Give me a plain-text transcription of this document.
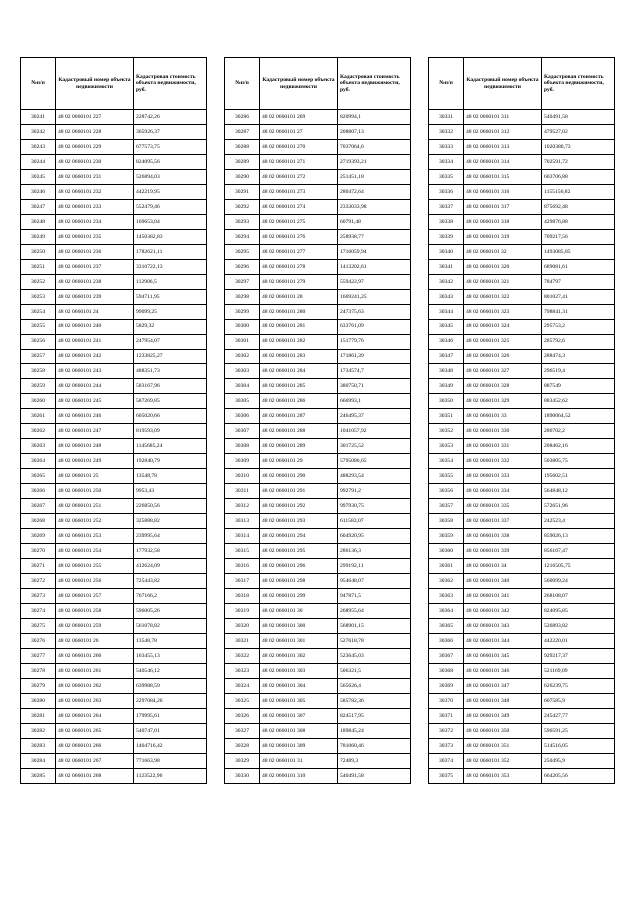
№п/п	Кадастровый номер объекта недвижимости	Кадастровая стоимость объекта недвижимости, руб.
30241	48 02 0660101 227	228742,26
30242	48 02 0660101 228	365926,37
30243	48 02 0660101 229	677573,75
30244	48 02 0660101 230	824095,56
30245	48 02 0660101 231	526894,03
30246	48 02 0660101 232	442219,95
30247	48 02 0660101 233	552479,46
30248	48 02 0660101 234	169653,04
30249	48 02 0660101 235	1450382,83
30250	48 02 0660101 236	1782621,11
30251	48 02 0660101 237	3310722,13
30252	48 02 0660101 238	112906,5
30253	48 02 0660101 239	594711,95
30254	48 02 0660101 24	99099,25
30255	48 02 0660101 240	5829,32
30256	48 02 0660101 241	247954,07
30257	48 02 0660101 242	1233825,27
30258	48 02 0660101 243	488351,73
30259	48 02 0660101 244	583167,96
30260	48 02 0660101 245	587269,85
30261	48 02 0660101 246	605020,66
30262	48 02 0660101 247	819593,09
30263	48 02 0660101 248	1145685,24
30264	48 02 0660101 249	192840,79
30265	48 02 0660101 25	13548,78
30266	48 02 0660101 250	9953,43
30267	48 02 0660101 251	226850,56
30268	48 02 0660101 252	325888,82
30269	48 02 0660101 253	239995,64
30270	48 02 0660101 254	177932,58
30271	48 02 0660101 255	412624,09
30272	48 02 0660101 256	725443,82
30273	48 02 0660101 257	767166,2
30274	48 02 0660101 258	596005,26
30275	48 02 0660101 259	561078,82
30276	48 02 0660101 26	13548,78
30277	48 02 0660101 260	163455,13
30278	48 02 0660101 261	540546,12
30279	48 02 0660101 262	639988,59
30280	48 02 0660101 263	2297084,26
30281	48 02 0660101 264	179995,61
30282	48 02 0660101 265	540747,01
30283	48 02 0660101 266	1404716,42
30284	48 02 0660101 267	771663,98
30285	48 02 0660101 268	1123522,96
№п/п	Кадастровый номер объекта недвижимости	Кадастровая стоимость объекта недвижимости, руб.
30286	48 02 0660101 269	820994,1
30287	48 02 0660101 27	208807,13
30288	48 02 0660101 270	7037064,6
30289	48 02 0660101 271	2719393,21
30290	48 02 0660101 272	251451,18
30291	48 02 0660101 273	280472,64
30292	48 02 0660101 274	2333033,98
30293	48 02 0660101 275	60791,48
30294	48 02 0660101 276	258938,77
30295	48 02 0660101 277	1716059,94
30296	48 02 0660101 278	1413202,61
30297	48 02 0660101 279	559422,97
30298	48 02 0660101 28	1669241,25
30299	48 02 0660101 280	247375,63
30300	48 02 0660101 281	633761,09
30301	48 02 0660101 282	151779,76
30302	48 02 0660101 283	171861,39
30303	48 02 0660101 284	1734574,7
30304	48 02 0660101 285	380750,71
30305	48 02 0660101 286	666993,1
30306	48 02 0660101 287	246495,37
30307	48 02 0660101 288	1041057,92
30308	48 02 0660101 289	301725,52
30309	48 02 0660101 29	5795086,65
30310	48 02 0660101 290	488293,54
30311	48 02 0660101 291	992791,2
30312	48 02 0660101 292	997930,75
30313	48 02 0660101 293	611583,07
30314	48 02 0660101 294	604920,95
30315	48 02 0660101 295	286136,3
30316	48 02 0660101 296	299192,11
30317	48 02 0660101 298	954648,07
30318	48 02 0660101 299	947871,5
30319	48 02 0660101 30	268955,64
30320	48 02 0660101 300	568901,15
30321	48 02 0660101 301	527618,78
30322	48 02 0660101 302	523645,03
30323	48 02 0660101 303	506321,5
30324	48 02 0660101 304	565626,4
30325	48 02 0660101 305	585782,36
30326	48 02 0660101 307	824517,95
30327	48 02 0660101 308	189845,24
30328	48 02 0660101 309	781060,46
30329	48 02 0660101 31	72489,3
30330	48 02 0660101 310	540491,58
№п/п	Кадастровый номер объекта недвижимости	Кадастровая стоимость объекта недвижимости, руб.
30331	48 02 0660101 311	540491,58
30332	48 02 0660101 312	479527,02
30333	48 02 0660101 313	1020380,73
30334	48 02 0660101 314	702591,72
30335	48 02 0660101 315	603706,88
30336	48 02 0660101 316	1155156,82
30337	48 02 0660101 317	875692,48
30338	48 02 0660101 318	429876,88
30339	48 02 0660101 319	709217,56
30340	48 02 0660101 32	1493085,85
30341	48 02 0660101 320	689081,61
30342	48 02 0660101 321	784797
30343	48 02 0660101 322	801027,41
30344	48 02 0660101 323	798841,31
30345	48 02 0660101 324	295753,2
30346	48 02 0660101 325	285792,6
30347	48 02 0660101 326	288474,3
30348	48 02 0660101 327	296519,4
30349	48 02 0660101 328	887549
30350	48 02 0660101 329	883452,62
30351	48 02 0660101 33	1890064,52
30352	48 02 0660101 330	286702,2
30353	48 02 0660101 331	208462,16
30354	48 02 0660101 332	503805,75
30355	48 02 0660101 333	195602,51
30356	48 02 0660101 334	564848,12
30357	48 02 0660101 335	572651,96
30358	48 02 0660101 337	242523,4
30359	48 02 0660101 338	859026,13
30360	48 02 0660101 339	856167,47
30361	48 02 0660101 34	1216505,75
30362	48 02 0660101 340	560099,24
30363	48 02 0660101 341	268108,07
30364	48 02 0660101 342	824095,85
30365	48 02 0660101 343	526893,82
30366	48 02 0660101 344	442220,01
30367	48 02 0660101 345	929217,37
30368	48 02 0660101 346	521169,09
30369	48 02 0660101 347	626239,75
30370	48 02 0660101 348	607585,9
30371	48 02 0660101 349	245427,77
30372	48 02 0660101 350	596591,25
30373	48 02 0660101 351	514516,05
30374	48 02 0660101 352	250495,9
30375	48 02 0660101 353	664205,56
